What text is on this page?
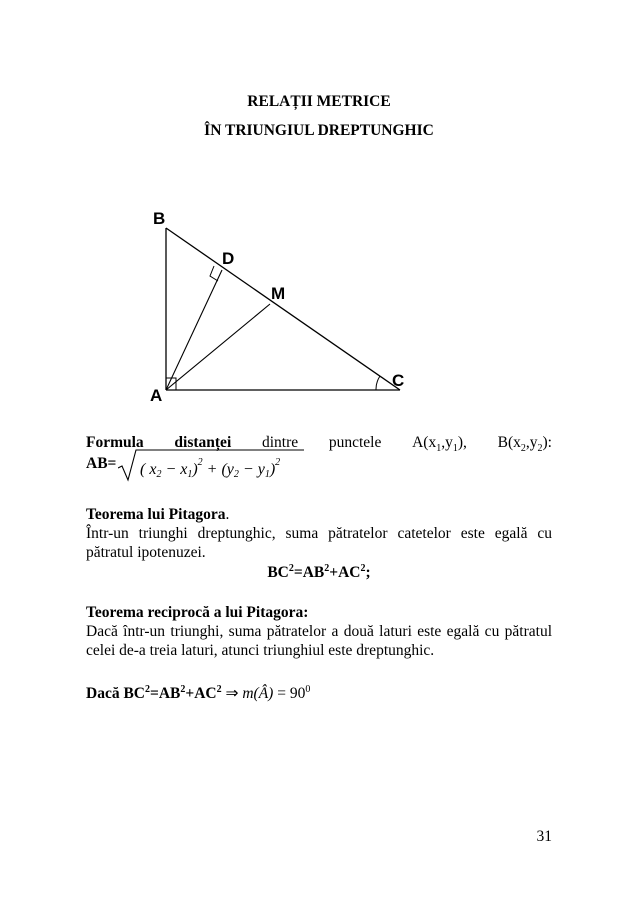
RELAȚII METRICE
ÎN TRIUNGIUL DREPTUNGHIC
B
D
M
A
C
Formula distanței dintre punctele $A(x_1,y_1)$, $B(x_2,y_2)$:
AB= ( $x2 - x1)^2 + (y2 - y1)^2$
Teorema lui Pitagora.
Într-un triunghi dreptunghic, suma pătratelor catetelor este egală cu pătratul ipotenuzei.
$BC^2=AB^2+AC^2$;
Teorema reciprocă a lui Pitagora:
Dacă într-un triunghi, suma pătratelor a două laturi este egală cu pătratul celei de-a treia laturi, atunci triunghiul este dreptunghic.
Dacă $BC^2=AB^2+AC^2$ ⇒ m(Â) = $90^0$
31
